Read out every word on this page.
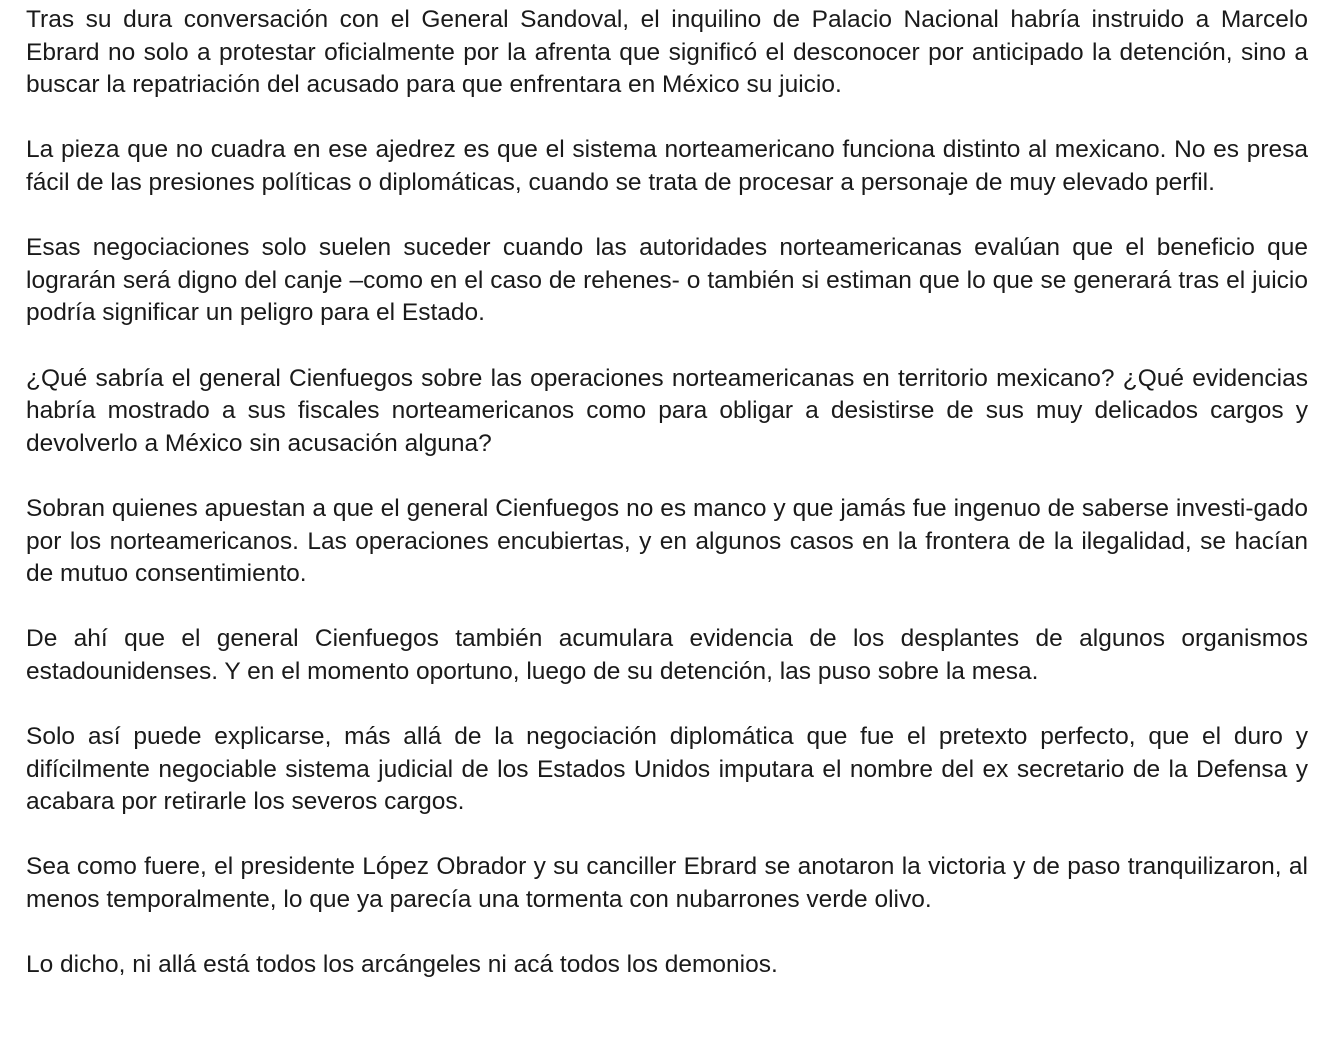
Tras su dura conversación con el General Sandoval, el inquilino de Palacio Nacional habría instruido a Marcelo Ebrard no solo a protestar oficialmente por la afrenta que significó el desconocer por anticipado la detención, sino a buscar la repatriación del acusado para que enfrentara en México su juicio.

La pieza que no cuadra en ese ajedrez es que el sistema norteamericano funciona distinto al mexicano. No es presa fácil de las presiones políticas o diplomáticas, cuando se trata de procesar a personaje de muy elevado perfil.

Esas negociaciones solo suelen suceder cuando las autoridades norteamericanas evalúan que el beneficio que lograrán será digno del canje –como en el caso de rehenes- o también si estiman que lo que se generará tras el juicio podría significar un peligro para el Estado.

¿Qué sabría el general Cienfuegos sobre las operaciones norteamericanas en territorio mexicano? ¿Qué evidencias habría mostrado a sus fiscales norteamericanos como para obligar a desistirse de sus muy delicados cargos y devolverlo a México sin acusación alguna?

Sobran quienes apuestan a que el general Cienfuegos no es manco y que jamás fue ingenuo de saberse investi-gado por los norteamericanos. Las operaciones encubiertas, y en algunos casos en la frontera de la ilegalidad, se hacían de mutuo consentimiento.

De ahí que el general Cienfuegos también acumulara evidencia de los desplantes de algunos organismos estadounidenses. Y en el momento oportuno, luego de su detención, las puso sobre la mesa.

Solo así puede explicarse, más allá de la negociación diplomática que fue el pretexto perfecto, que el duro y difícilmente negociable sistema judicial de los Estados Unidos imputara el nombre del ex secretario de la Defensa y acabara por retirarle los severos cargos.

Sea como fuere, el presidente López Obrador y su canciller Ebrard se anotaron la victoria y de paso tranquilizaron, al menos temporalmente, lo que ya parecía una tormenta con nubarrones verde olivo.

Lo dicho, ni allá está todos los arcángeles ni acá todos los demonios.
